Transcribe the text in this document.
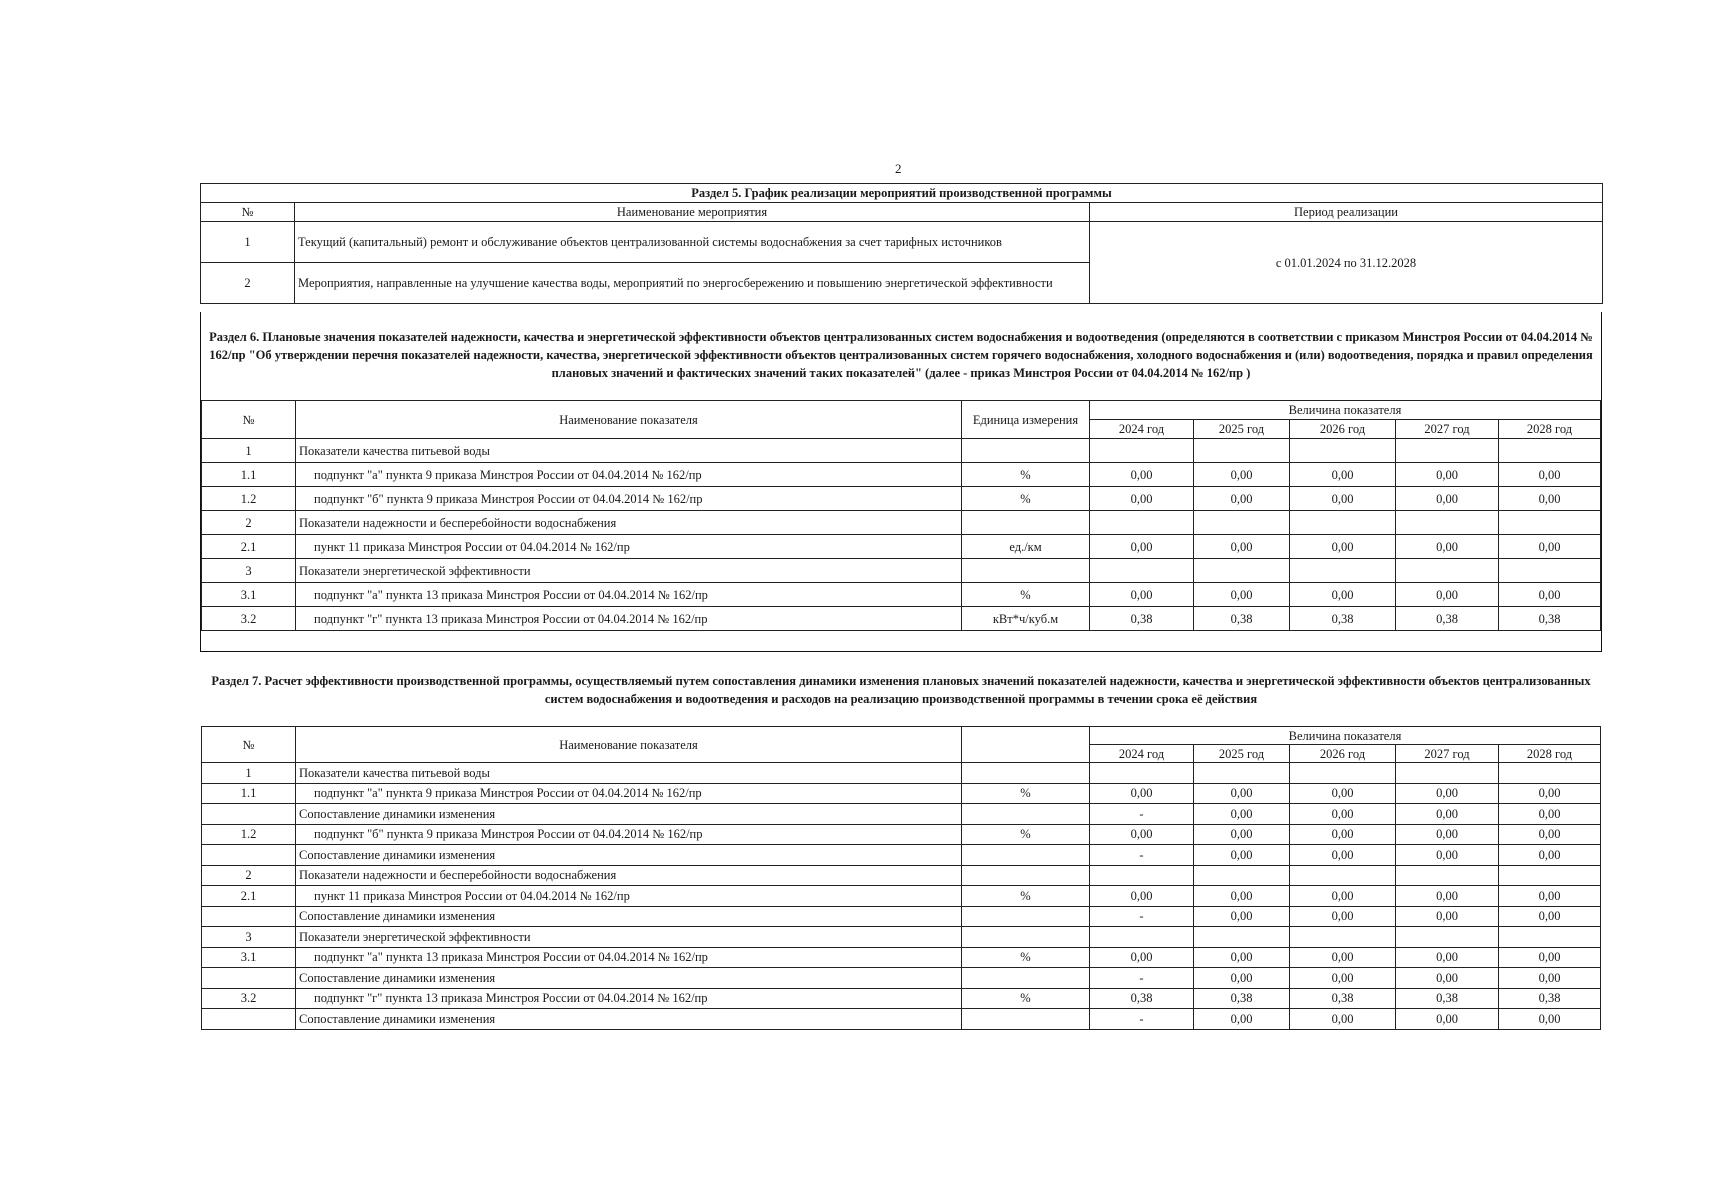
2
Раздел 5. График реализации мероприятий производственной программы		
№	Наименование мероприятия	Период реализации
1	Текущий (капитальный) ремонт и обслуживание объектов централизованной системы водоснабжения за счет тарифных источников	с 01.01.2024 по 31.12.2028
2	Мероприятия, направленные на улучшение качества воды, мероприятий по энергосбережению и повышению энергетической эффективности	
Раздел 6. Плановые значения показателей надежности, качества и энергетической эффективности объектов централизованных систем водоснабжения и водоотведения (определяются в соответствии с приказом Минстроя России от 04.04.2014 № 162/пр "Об утверждении перечня показателей надежности, качества, энергетической эффективности объектов централизованных систем горячего водоснабжения, холодного водоснабжения и (или) водоотведения, порядка и правил определения плановых значений и фактических значений таких показателей" (далее - приказ Минстроя России от 04.04.2014 № 162/пр )
№	Наименование показателя	Единица измерения	Величина показателя				
			2024 год	2025 год	2026 год	2027 год	2028 год
1	Показатели качества питьевой воды						
1.1	подпункт "а" пункта 9 приказа Минстроя России от 04.04.2014 № 162/пр	%	0,00	0,00	0,00	0,00	0,00
1.2	подпункт "б" пункта 9 приказа Минстроя России от 04.04.2014 № 162/пр	%	0,00	0,00	0,00	0,00	0,00
2	Показатели надежности и бесперебойности водоснабжения						
2.1	пункт 11 приказа Минстроя России от 04.04.2014 № 162/пр	ед./км	0,00	0,00	0,00	0,00	0,00
3	Показатели энергетической эффективности						
3.1	подпункт "а" пункта 13 приказа Минстроя России от 04.04.2014 № 162/пр	%	0,00	0,00	0,00	0,00	0,00
3.2	подпункт "г" пункта 13 приказа Минстроя России от 04.04.2014 № 162/пр	кВт*ч/куб.м	0,38	0,38	0,38	0,38	0,38
Раздел 7. Расчет эффективности производственной программы, осуществляемый путем сопоставления динамики изменения плановых значений показателей надежности, качества и энергетической эффективности объектов централизованных систем водоснабжения и водоотведения и расходов на реализацию производственной программы в течении срока её действия
№	Наименование показателя		Величина показателя				
			2024 год	2025 год	2026 год	2027 год	2028 год
1	Показатели качества питьевой воды						
1.1	подпункт "а" пункта 9 приказа Минстроя России от 04.04.2014 № 162/пр	%	0,00	0,00	0,00	0,00	0,00
	Сопоставление динамики изменения		-	0,00	0,00	0,00	0,00
1.2	подпункт "б" пункта 9 приказа Минстроя России от 04.04.2014 № 162/пр	%	0,00	0,00	0,00	0,00	0,00
	Сопоставление динамики изменения		-	0,00	0,00	0,00	0,00
2	Показатели надежности и бесперебойности водоснабжения						
2.1	пункт 11 приказа Минстроя России от 04.04.2014 № 162/пр	%	0,00	0,00	0,00	0,00	0,00
	Сопоставление динамики изменения		-	0,00	0,00	0,00	0,00
3	Показатели энергетической эффективности						
3.1	подпункт "а" пункта 13 приказа Минстроя России от 04.04.2014 № 162/пр	%	0,00	0,00	0,00	0,00	0,00
	Сопоставление динамики изменения		-	0,00	0,00	0,00	0,00
3.2	подпункт "г" пункта 13 приказа Минстроя России от 04.04.2014 № 162/пр	%	0,38	0,38	0,38	0,38	0,38
	Сопоставление динамики изменения		-	0,00	0,00	0,00	0,00
